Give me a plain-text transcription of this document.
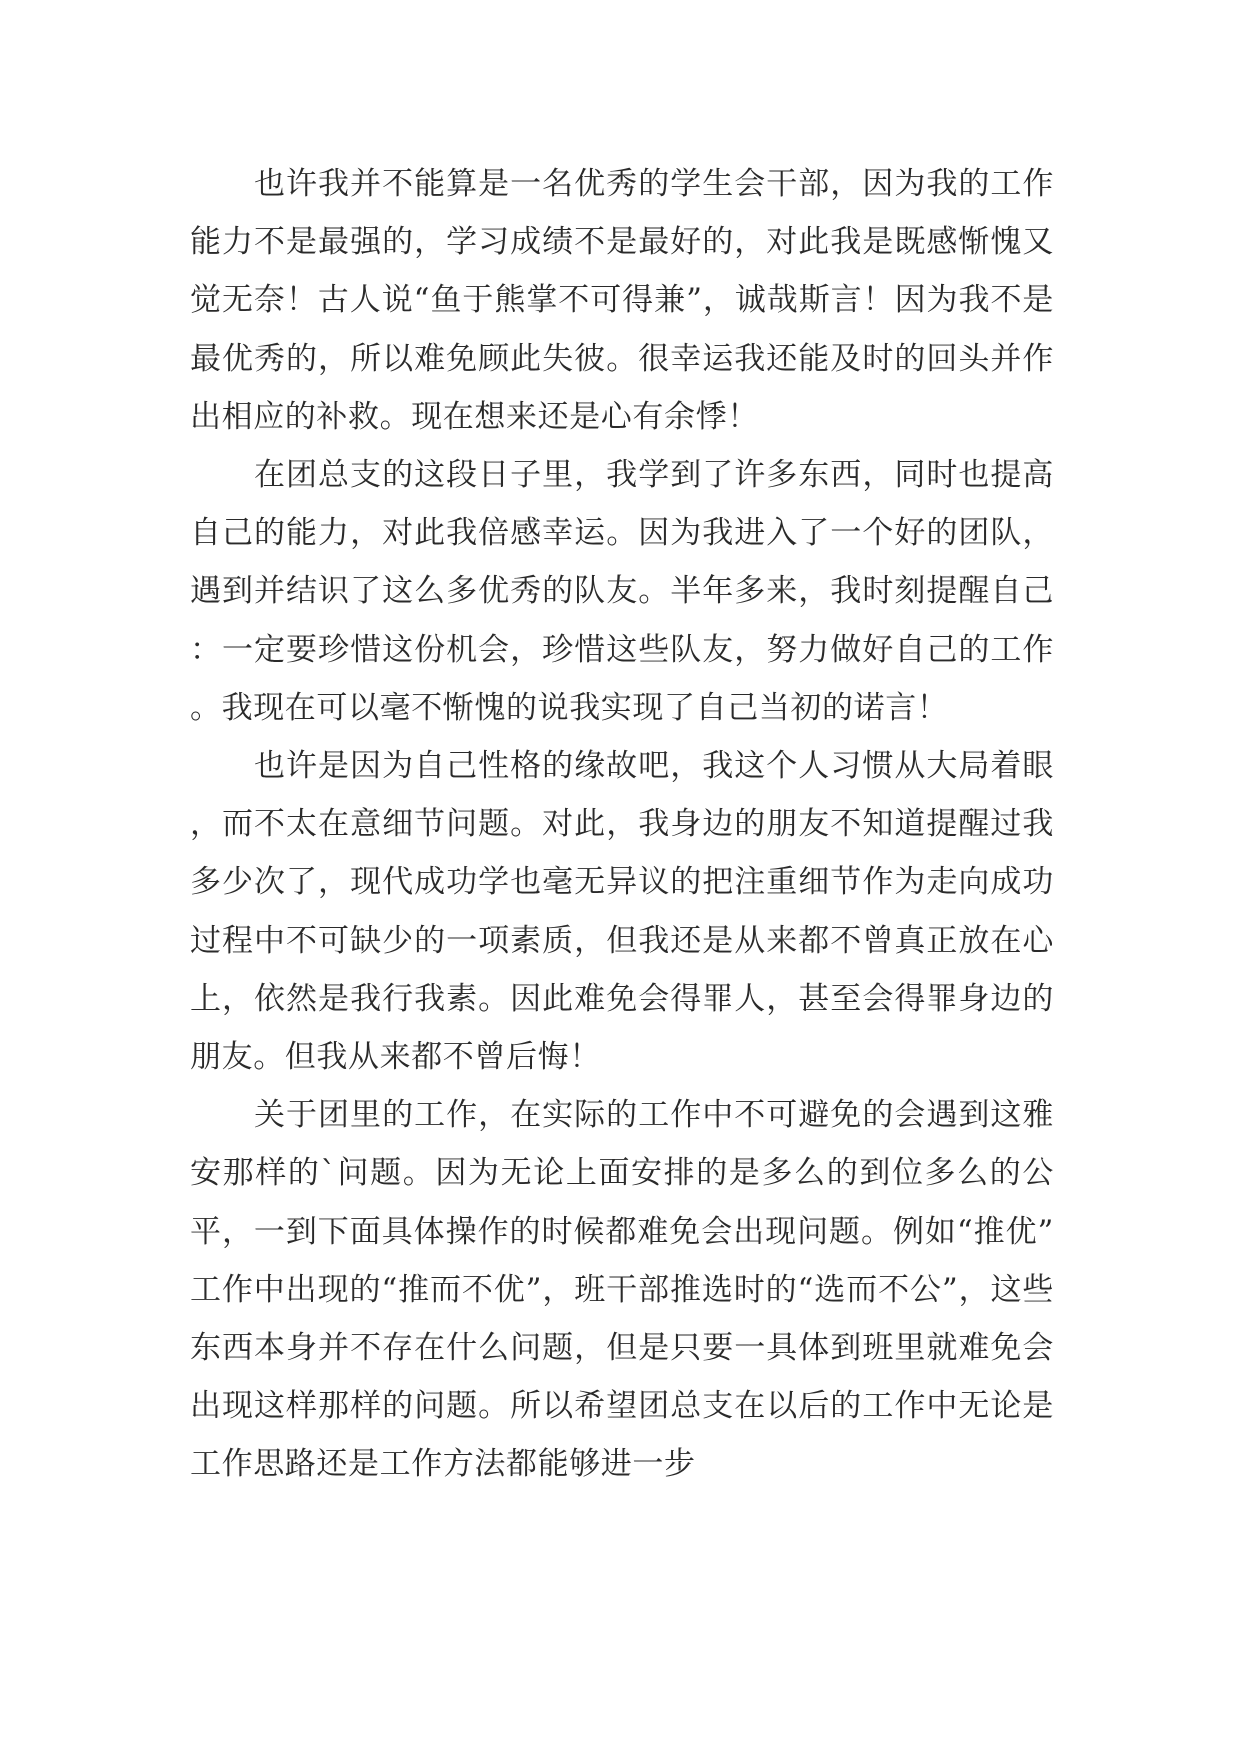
也许我并不能算是一名优秀的学生会干部，因为我的工作能力不是最强的，学习成绩不是最好的，对此我是既感惭愧又觉无奈！古人说“鱼于熊掌不可得兼”，诚哉斯言！因为我不是最优秀的，所以难免顾此失彼。很幸运我还能及时的回头并作出相应的补救。现在想来还是心有余悸！

在团总支的这段日子里，我学到了许多东西，同时也提高自己的能力，对此我倍感幸运。因为我进入了一个好的团队，遇到并结识了这么多优秀的队友。半年多来，我时刻提醒自己：一定要珍惜这份机会，珍惜这些队友，努力做好自己的工作。我现在可以毫不惭愧的说我实现了自己当初的诺言！

也许是因为自己性格的缘故吧，我这个人习惯从大局着眼，而不太在意细节问题。对此，我身边的朋友不知道提醒过我多少次了，现代成功学也毫无异议的把注重细节作为走向成功过程中不可缺少的一项素质，但我还是从来都不曾真正放在心上，依然是我行我素。因此难免会得罪人，甚至会得罪身边的朋友。但我从来都不曾后悔！

关于团里的工作，在实际的工作中不可避免的会遇到这雅安那样的`问题。因为无论上面安排的是多么的到位多么的公平，一到下面具体操作的时候都难免会出现问题。例如“推优”工作中出现的“推而不优”，班干部推选时的“选而不公”，这些东西本身并不存在什么问题，但是只要一具体到班里就难免会出现这样那样的问题。所以希望团总支在以后的工作中无论是工作思路还是工作方法都能够进一步
